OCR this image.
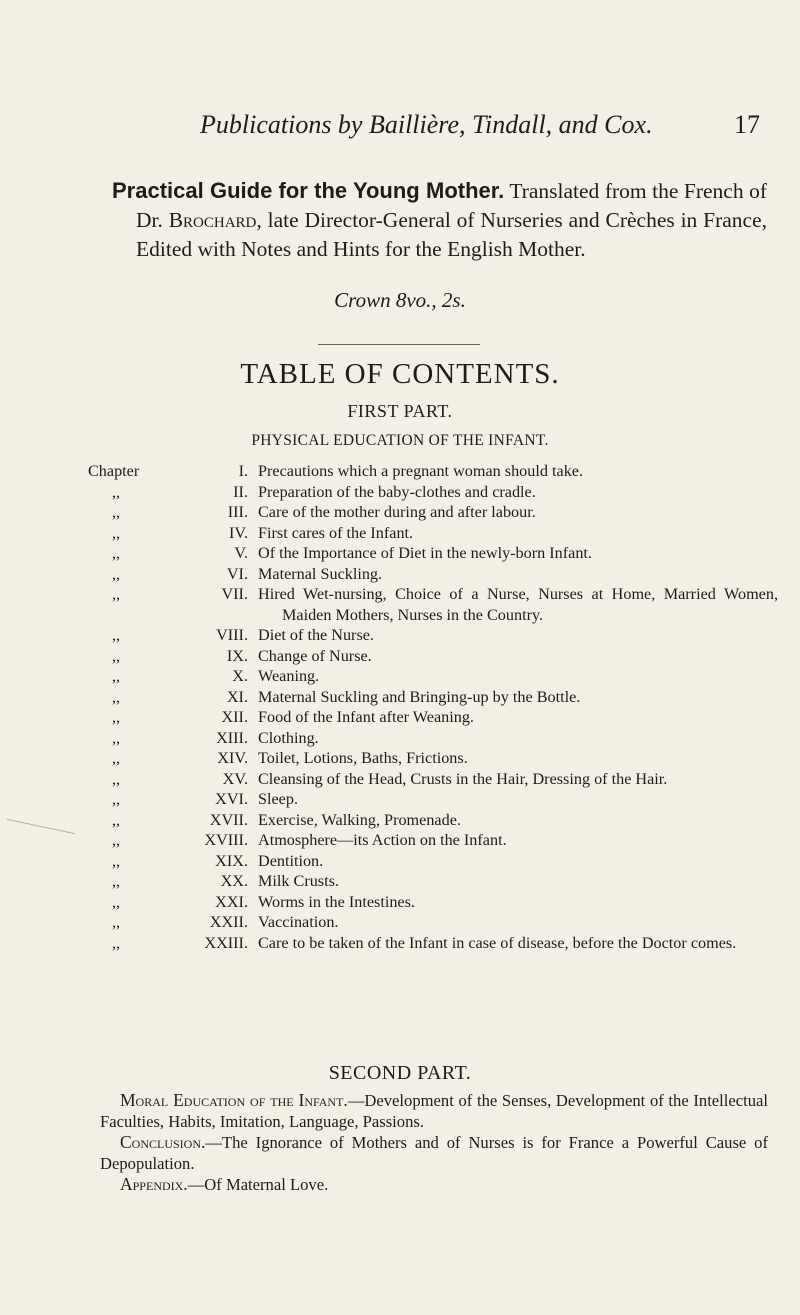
Publications by Baillière, Tindall, and Cox.	17
Practical Guide for the Young Mother. Translated from the French of Dr. Brochard, late Director-General of Nurseries and Crèches in France, Edited with Notes and Hints for the English Mother.
Crown 8vo., 2s.
TABLE OF CONTENTS.
FIRST PART.
PHYSICAL EDUCATION OF THE INFANT.
Chapter	I. Precautions which a pregnant woman should take.
,,	II. Preparation of the baby-clothes and cradle.
,,	III. Care of the mother during and after labour.
,,	IV. First cares of the Infant.
,,	V. Of the Importance of Diet in the newly-born Infant.
,,	VI. Maternal Suckling.
,,	VII. Hired Wet-nursing, Choice of a Nurse, Nurses at Home, Married Women, Maiden Mothers, Nurses in the Country.
,,	VIII. Diet of the Nurse.
,,	IX. Change of Nurse.
,,	X. Weaning.
,,	XI. Maternal Suckling and Bringing-up by the Bottle.
,,	XII. Food of the Infant after Weaning.
,,	XIII. Clothing.
,,	XIV. Toilet, Lotions, Baths, Frictions.
,,	XV. Cleansing of the Head, Crusts in the Hair, Dressing of the Hair.
,,	XVI. Sleep.
,,	XVII. Exercise, Walking, Promenade.
,,	XVIII. Atmosphere—its Action on the Infant.
,,	XIX. Dentition.
,,	XX. Milk Crusts.
,,	XXI. Worms in the Intestines.
,,	XXII. Vaccination.
,,	XXIII. Care to be taken of the Infant in case of disease, before the Doctor comes.
SECOND PART.

Moral Education of the Infant.—Development of the Senses, Development of the Intellectual Faculties, Habits, Imitation, Language, Passions.

Conclusion.—The Ignorance of Mothers and of Nurses is for France a Powerful Cause of Depopulation.

Appendix.—Of Maternal Love.
